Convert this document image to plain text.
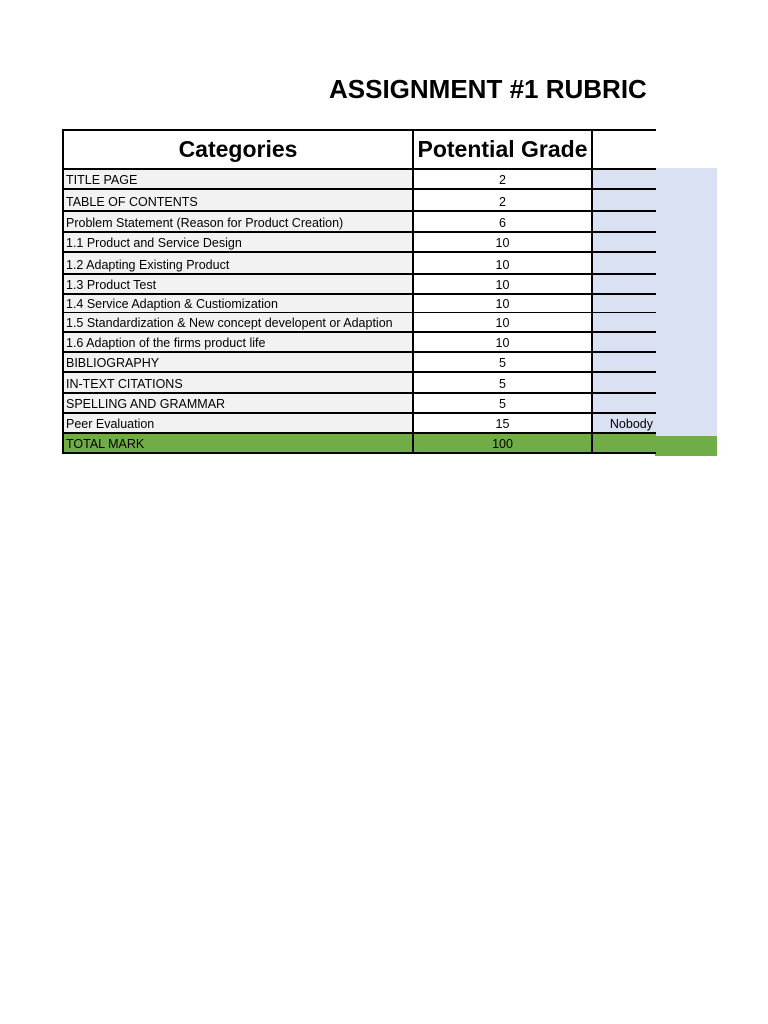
ASSIGNMENT #1 RUBRIC
Categories	Potential Grade
TITLE PAGE	2
TABLE OF CONTENTS	2
Problem Statement (Reason for Product Creation)	6
1.1 Product and Service Design	10
1.2 Adapting Existing Product	10
1.3 Product Test	10
1.4 Service Adaption & Custiomization	10
1.5 Standardization & New concept developent or Adaption	10
1.6 Adaption of the firms product life	10
BIBLIOGRAPHY	5
IN-TEXT CITATIONS	5
SPELLING AND GRAMMAR	5
Peer Evaluation	15	Nobody
TOTAL MARK	100
